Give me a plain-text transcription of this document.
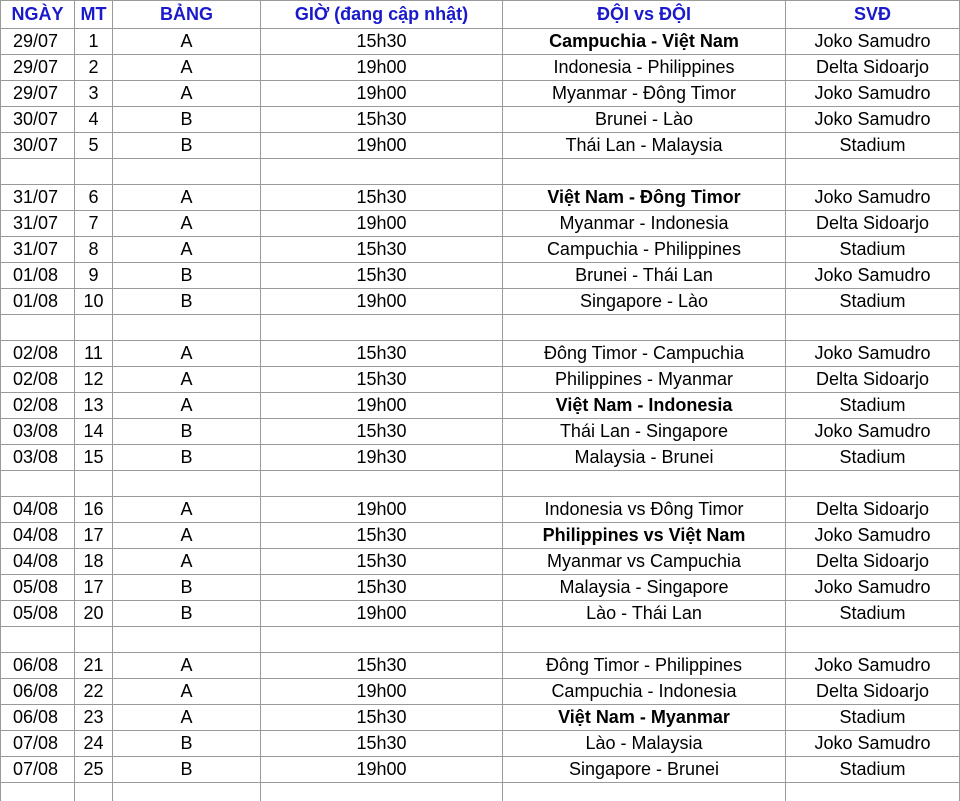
NGÀY	MT	BẢNG	GIỜ (đang cập nhật)	ĐỘI vs ĐỘI	SVĐ
29/07	1	A	15h30	Campuchia - Việt Nam	Joko Samudro
29/07	2	A	19h00	Indonesia - Philippines	Delta Sidoarjo
29/07	3	A	19h00	Myanmar - Đông Timor	Joko Samudro
30/07	4	B	15h30	Brunei - Lào	Joko Samudro
30/07	5	B	19h00	Thái Lan - Malaysia	Stadium

31/07	6	A	15h30	Việt Nam - Đông Timor	Joko Samudro
31/07	7	A	19h00	Myanmar - Indonesia	Delta Sidoarjo
31/07	8	A	15h30	Campuchia - Philippines	Stadium
01/08	9	B	15h30	Brunei - Thái Lan	Joko Samudro
01/08	10	B	19h00	Singapore - Lào	Stadium

02/08	11	A	15h30	Đông Timor - Campuchia	Joko Samudro
02/08	12	A	15h30	Philippines - Myanmar	Delta Sidoarjo
02/08	13	A	19h00	Việt Nam - Indonesia	Stadium
03/08	14	B	15h30	Thái Lan - Singapore	Joko Samudro
03/08	15	B	19h30	Malaysia - Brunei	Stadium

04/08	16	A	19h00	Indonesia vs Đông Timor	Delta Sidoarjo
04/08	17	A	15h30	Philippines vs Việt Nam	Joko Samudro
04/08	18	A	15h30	Myanmar vs Campuchia	Delta Sidoarjo
05/08	17	B	15h30	Malaysia - Singapore	Joko Samudro
05/08	20	B	19h00	Lào - Thái Lan	Stadium

06/08	21	A	15h30	Đông Timor - Philippines	Joko Samudro
06/08	22	A	19h00	Campuchia - Indonesia	Delta Sidoarjo
06/08	23	A	15h30	Việt Nam - Myanmar	Stadium
07/08	24	B	15h30	Lào - Malaysia	Joko Samudro
07/08	25	B	19h00	Singapore - Brunei	Stadium
